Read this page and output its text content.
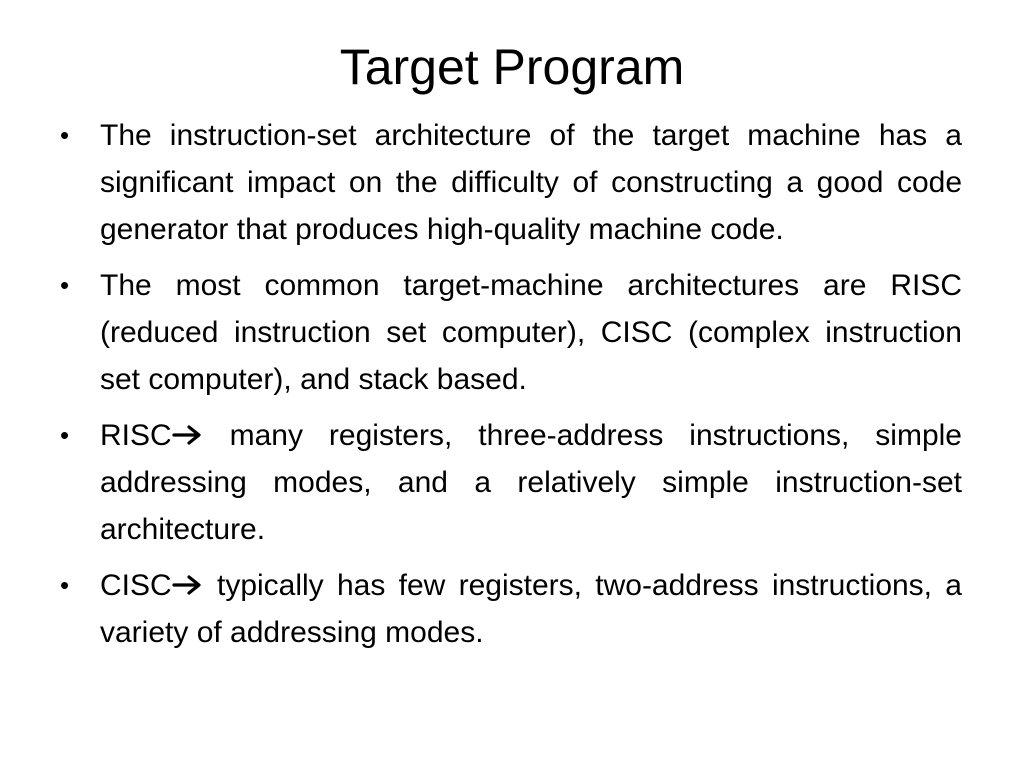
Target Program
• The instruction-set architecture of the target machine has a significant impact on the difficulty of constructing a good code generator that produces high-quality machine code.
• The most common target-machine architectures are RISC (reduced instruction set computer), CISC (complex instruction set computer), and stack based.
• RISC
many registers, three-address instructions, simple addressing modes, and a relatively simple instruction-set architecture.
• CISC
typically has few registers, two-address instructions, a variety of addressing modes.
